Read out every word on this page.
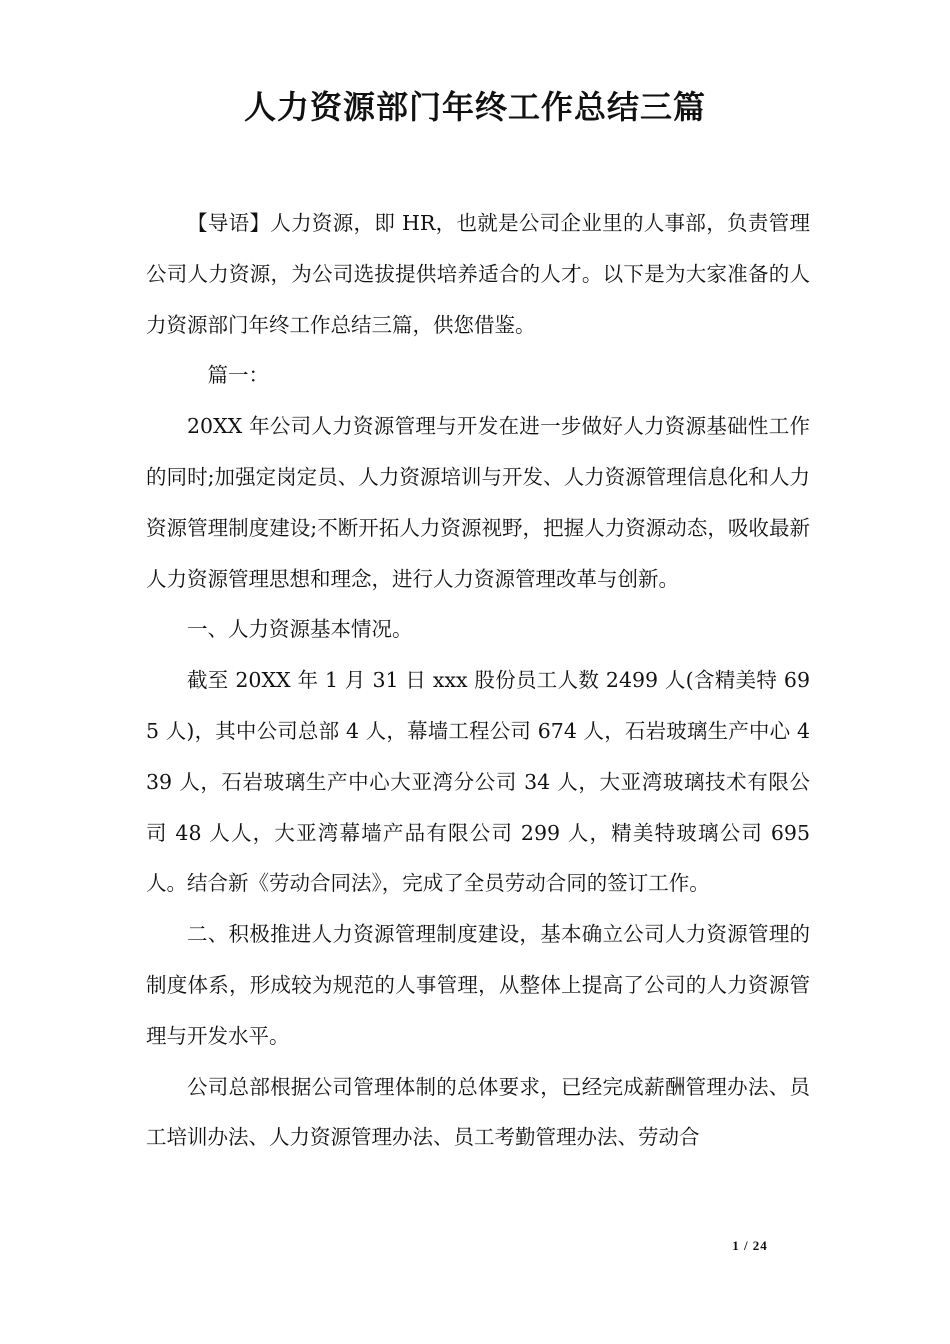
人力资源部门年终工作总结三篇

【导语】人力资源，即 HR，也就是公司企业里的人事部，负责管理公司人力资源，为公司选拔提供培养适合的人才。以下是为大家准备的人力资源部门年终工作总结三篇，供您借鉴。

篇一：

20XX 年公司人力资源管理与开发在进一步做好人力资源基础性工作的同时;加强定岗定员、人力资源培训与开发、人力资源管理信息化和人力资源管理制度建设;不断开拓人力资源视野，把握人力资源动态，吸收最新人力资源管理思想和理念，进行人力资源管理改革与创新。

一、人力资源基本情况。

截至 20XX 年 1 月 31 日 xxx 股份员工人数 2499 人(含精美特 695 人)，其中公司总部 4 人，幕墙工程公司 674 人，石岩玻璃生产中心 439 人，石岩玻璃生产中心大亚湾分公司 34 人，大亚湾玻璃技术有限公司 48 人人，大亚湾幕墙产品有限公司 299 人，精美特玻璃公司 695 人。结合新《劳动合同法》，完成了全员劳动合同的签订工作。

二、积极推进人力资源管理制度建设，基本确立公司人力资源管理的制度体系，形成较为规范的人事管理，从整体上提高了公司的人力资源管理与开发水平。

公司总部根据公司管理体制的总体要求，已经完成薪酬管理办法、员工培训办法、人力资源管理办法、员工考勤管理办法、劳动合

1 / 24
